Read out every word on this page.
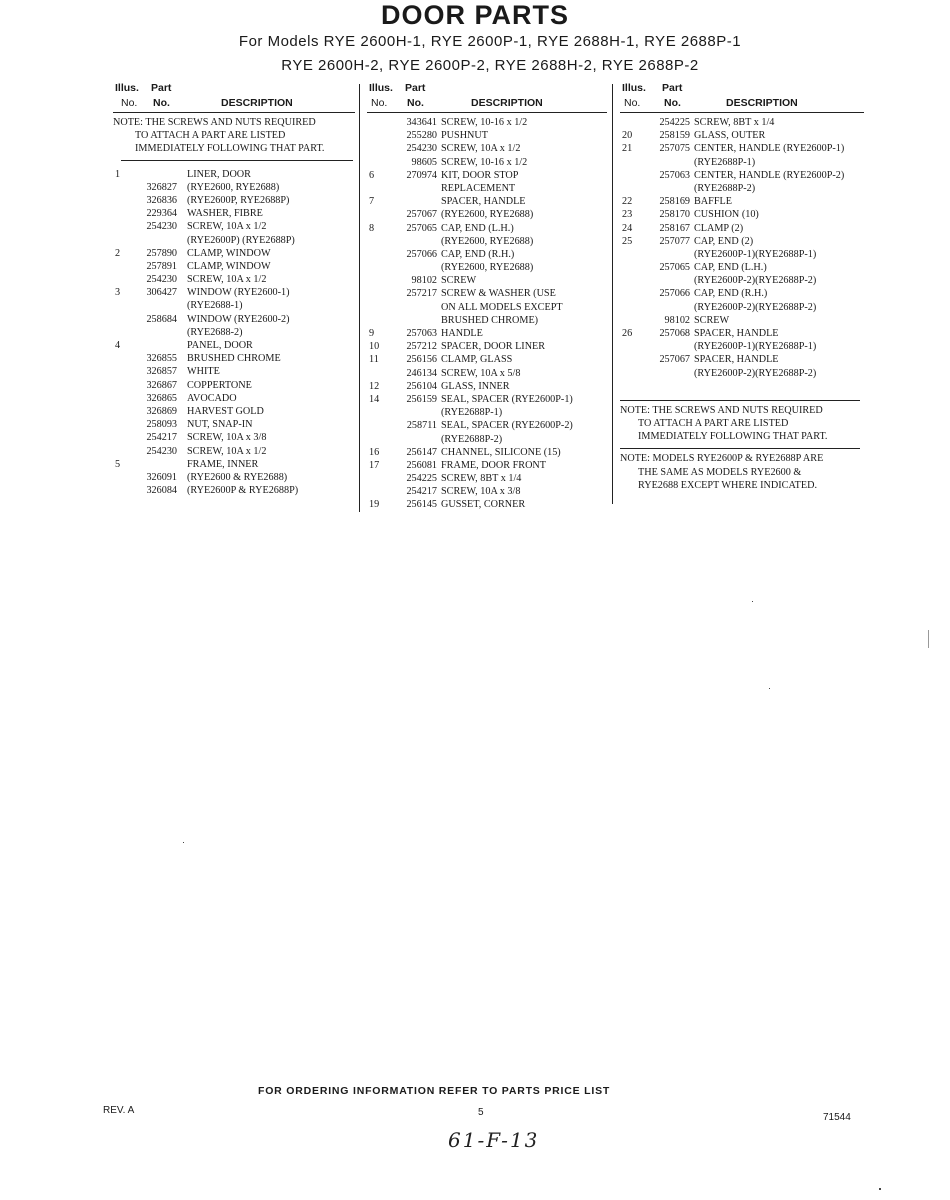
DOOR PARTS
For Models RYE 2600H-1, RYE 2600P-1, RYE 2688H-1, RYE 2688P-1
RYE 2600H-2, RYE 2600P-2, RYE 2688H-2, RYE 2688P-2
Illus. Part
No. No.	DESCRIPTION
NOTE: THE SCREWS AND NUTS REQUIRED
TO ATTACH A PART ARE LISTED
IMMEDIATELY FOLLOWING THAT PART.
1	LINER, DOOR
326827 (RYE2600, RYE2688)
326836 (RYE2600P, RYE2688P)
229364 WASHER, FIBRE
254230 SCREW, 10A x 1/2
(RYE2600P) (RYE2688P)
2	257890 CLAMP, WINDOW
257891 CLAMP, WINDOW
254230 SCREW, 10A x 1/2
3	306427 WINDOW (RYE2600-1)
(RYE2688-1)
258684 WINDOW (RYE2600-2)
(RYE2688-2)
4	PANEL, DOOR
326855 BRUSHED CHROME
326857 WHITE
326867 COPPERTONE
326865 AVOCADO
326869 HARVEST GOLD
258093 NUT, SNAP-IN
254217 SCREW, 10A x 3/8
254230 SCREW, 10A x 1/2
5	FRAME, INNER
326091 (RYE2600 & RYE2688)
326084 (RYE2600P & RYE2688P)
Illus. Part
No. No.	DESCRIPTION
343641 SCREW, 10-16 x 1/2
255280 PUSHNUT
254230 SCREW, 10A x 1/2
98605 SCREW, 10-16 x 1/2
6	270974 KIT, DOOR STOP
REPLACEMENT
7	SPACER, HANDLE
257067 (RYE2600, RYE2688)
8	257065 CAP, END (L.H.)
(RYE2600, RYE2688)
257066 CAP, END (R.H.)
(RYE2600, RYE2688)
98102 SCREW
257217 SCREW & WASHER (USE
ON ALL MODELS EXCEPT
BRUSHED CHROME)
9	257063 HANDLE
10	257212 SPACER, DOOR LINER
11	256156 CLAMP, GLASS
246134 SCREW, 10A x 5/8
12	256104 GLASS, INNER
14	256159 SEAL, SPACER (RYE2600P-1)
(RYE2688P-1)
258711 SEAL, SPACER (RYE2600P-2)
(RYE2688P-2)
16	256147 CHANNEL, SILICONE (15)
17	256081 FRAME, DOOR FRONT
254225 SCREW, 8BT x 1/4
254217 SCREW, 10A x 3/8
19	256145 GUSSET, CORNER
Illus. Part
No. No.	DESCRIPTION
254225 SCREW, 8BT x 1/4
20	258159 GLASS, OUTER
21	257075 CENTER, HANDLE (RYE2600P-1)
(RYE2688P-1)
257063 CENTER, HANDLE (RYE2600P-2)
(RYE2688P-2)
22	258169 BAFFLE
23	258170 CUSHION (10)
24	258167 CLAMP (2)
25	257077 CAP, END (2)
(RYE2600P-1)(RYE2688P-1)
257065 CAP, END (L.H.)
(RYE2600P-2)(RYE2688P-2)
257066 CAP, END (R.H.)
(RYE2600P-2)(RYE2688P-2)
98102 SCREW
26	257068 SPACER, HANDLE
(RYE2600P-1)(RYE2688P-1)
257067 SPACER, HANDLE
(RYE2600P-2)(RYE2688P-2)
NOTE: THE SCREWS AND NUTS REQUIRED
TO ATTACH A PART ARE LISTED
IMMEDIATELY FOLLOWING THAT PART.
NOTE: MODELS RYE2600P & RYE2688P ARE
THE SAME AS MODELS RYE2600 &
RYE2688 EXCEPT WHERE INDICATED.
FOR ORDERING INFORMATION REFER TO PARTS PRICE LIST
REV. A	5	71544
61-F-13
